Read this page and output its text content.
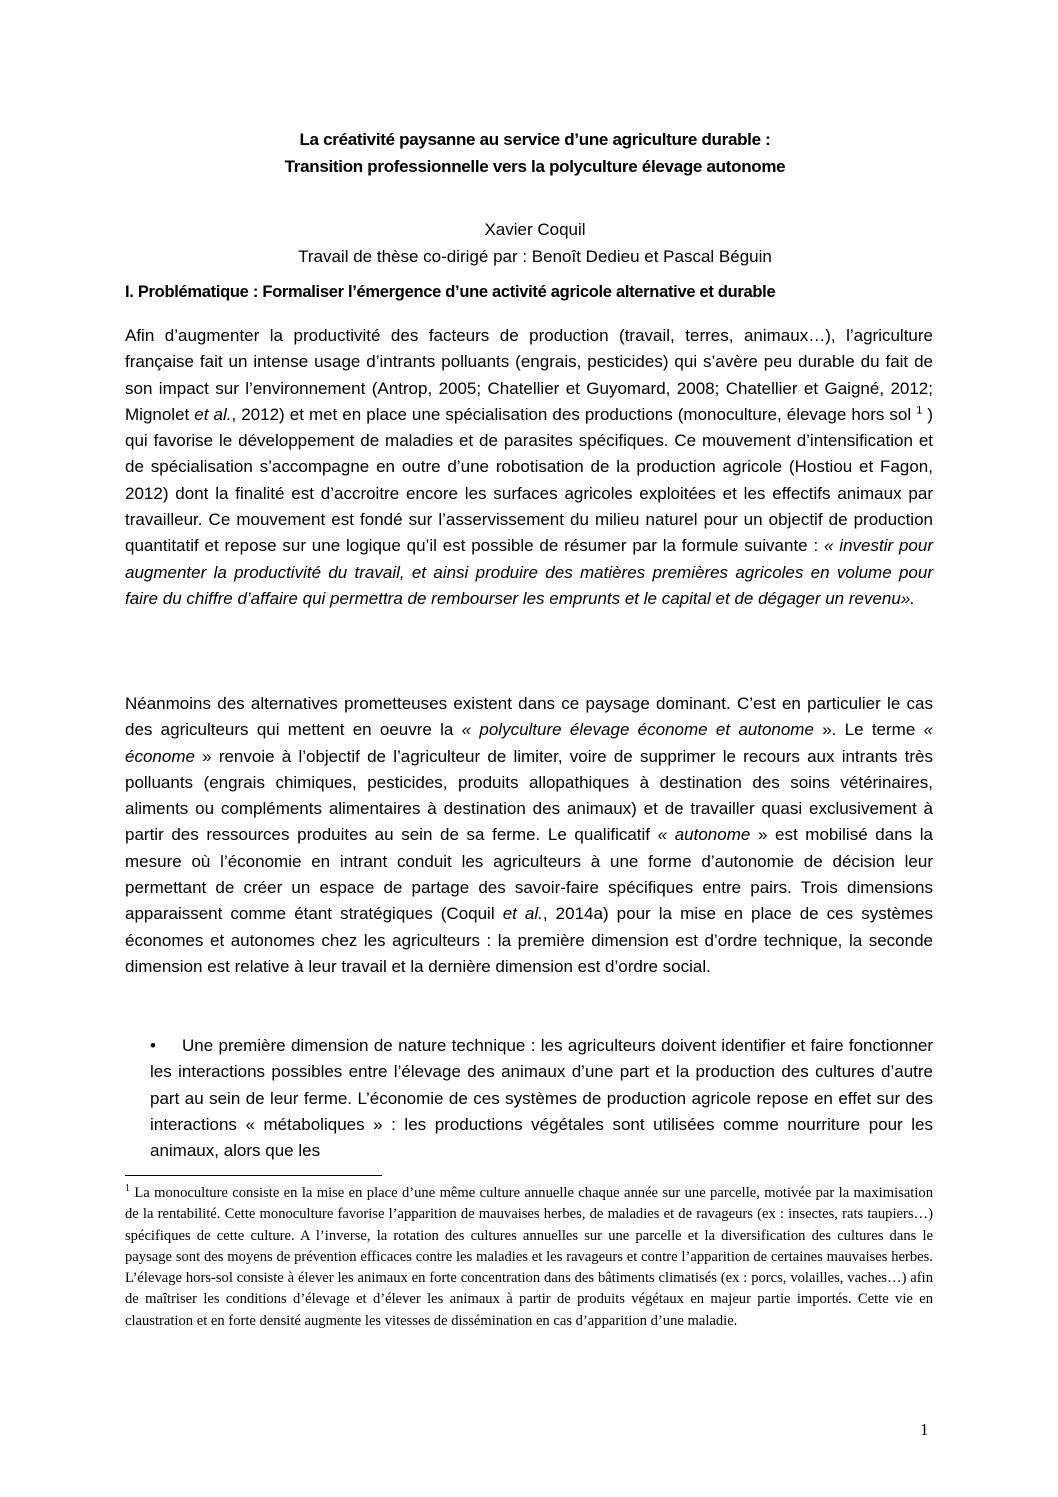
La créativité paysanne au service d’une agriculture durable :
Transition professionnelle vers la polyculture élevage autonome
Xavier Coquil
Travail de thèse co-dirigé par : Benoît Dedieu et Pascal Béguin
I. Problématique : Formaliser l’émergence d’une activité agricole alternative et durable
Afin d’augmenter la productivité des facteurs de production (travail, terres, animaux…), l’agriculture française fait un intense usage d’intrants polluants (engrais, pesticides) qui s’avère peu durable du fait de son impact sur l’environnement (Antrop, 2005; Chatellier et Guyomard, 2008; Chatellier et Gaigné, 2012; Mignolet et al., 2012) et met en place une spécialisation des productions (monoculture, élevage hors sol $^1$ ) qui favorise le développement de maladies et de parasites spécifiques. Ce mouvement d’intensification et de spécialisation s’accompagne en outre d’une robotisation de la production agricole (Hostiou et Fagon, 2012) dont la finalité est d’accroitre encore les surfaces agricoles exploitées et les effectifs animaux par travailleur. Ce mouvement est fondé sur l’asservissement du milieu naturel pour un objectif de production quantitatif et repose sur une logique qu’il est possible de résumer par la formule suivante : « investir pour augmenter la productivité du travail, et ainsi produire des matières premières agricoles en volume pour faire du chiffre d’affaire qui permettra de rembourser les emprunts et le capital et de dégager un revenu».
Néanmoins des alternatives prometteuses existent dans ce paysage dominant. C’est en particulier le cas des agriculteurs qui mettent en oeuvre la « polyculture élevage économe et autonome ». Le terme « économe » renvoie à l’objectif de l’agriculteur de limiter, voire de supprimer le recours aux intrants très polluants (engrais chimiques, pesticides, produits allopathiques à destination des soins vétérinaires, aliments ou compléments alimentaires à destination des animaux) et de travailler quasi exclusivement à partir des ressources produites au sein de sa ferme. Le qualificatif « autonome » est mobilisé dans la mesure où l’économie en intrant conduit les agriculteurs à une forme d’autonomie de décision leur permettant de créer un espace de partage des savoir-faire spécifiques entre pairs. Trois dimensions apparaissent comme étant stratégiques (Coquil et al., 2014a) pour la mise en place de ces systèmes économes et autonomes chez les agriculteurs : la première dimension est d’ordre technique, la seconde dimension est relative à leur travail et la dernière dimension est d’ordre social.
• Une première dimension de nature technique : les agriculteurs doivent identifier et faire fonctionner les interactions possibles entre l’élevage des animaux d’une part et la production des cultures d’autre part au sein de leur ferme. L’économie de ces systèmes de production agricole repose en effet sur des interactions « métaboliques » : les productions végétales sont utilisées comme nourriture pour les animaux, alors que les
$^1$ La monoculture consiste en la mise en place d’une même culture annuelle chaque année sur une parcelle, motivée par la maximisation de la rentabilité. Cette monoculture favorise l’apparition de mauvaises herbes, de maladies et de ravageurs (ex : insectes, rats taupiers…) spécifiques de cette culture. A l’inverse, la rotation des cultures annuelles sur une parcelle et la diversification des cultures dans le paysage sont des moyens de prévention efficaces contre les maladies et les ravageurs et contre l’apparition de certaines mauvaises herbes. L’élevage hors-sol consiste à élever les animaux en forte concentration dans des bâtiments climatisés (ex : porcs, volailles, vaches…) afin de maîtriser les conditions d’élevage et d’élever les animaux à partir de produits végétaux en majeur partie importés. Cette vie en claustration et en forte densité augmente les vitesses de dissémination en cas d’apparition d’une maladie.
1
